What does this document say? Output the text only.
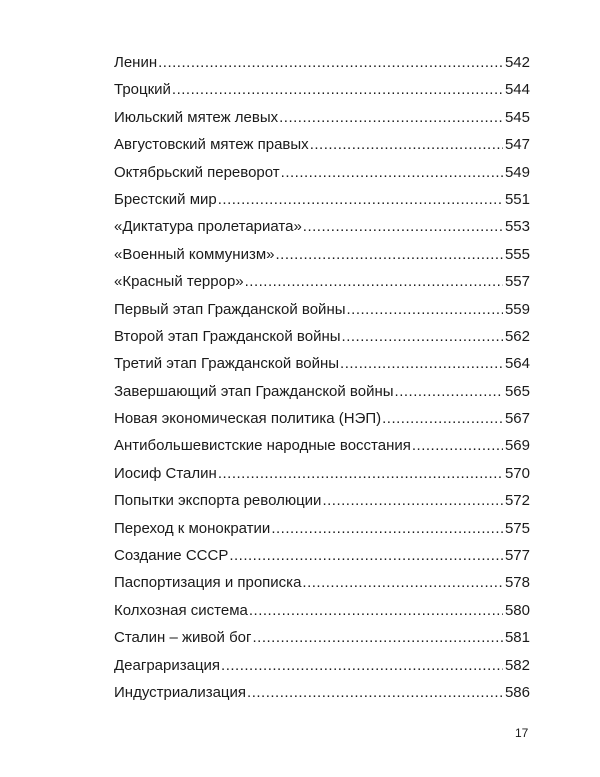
Ленин .....	542
Троцкий .....	544
Июльский мятеж левых .....	545
Августовский мятеж правых .....	547
Октябрьский переворот .....	549
Брестский мир .....	551
«Диктатура пролетариата» .....	553
«Военный коммунизм» .....	555
«Красный террор» .....	557
Первый этап Гражданской войны .....	559
Второй этап Гражданской войны .....	562
Третий этап Гражданской войны .....	564
Завершающий этап Гражданской войны .....	565
Новая экономическая политика (НЭП) .....	567
Антибольшевистские народные восстания .....	569
Иосиф Сталин .....	570
Попытки экспорта революции .....	572
Переход к монократии .....	575
Создание СССР .....	577
Паспортизация и прописка .....	578
Колхозная система .....	580
Сталин – живой бог .....	581
Деаграризация .....	582
Индустриализация .....	586
17
